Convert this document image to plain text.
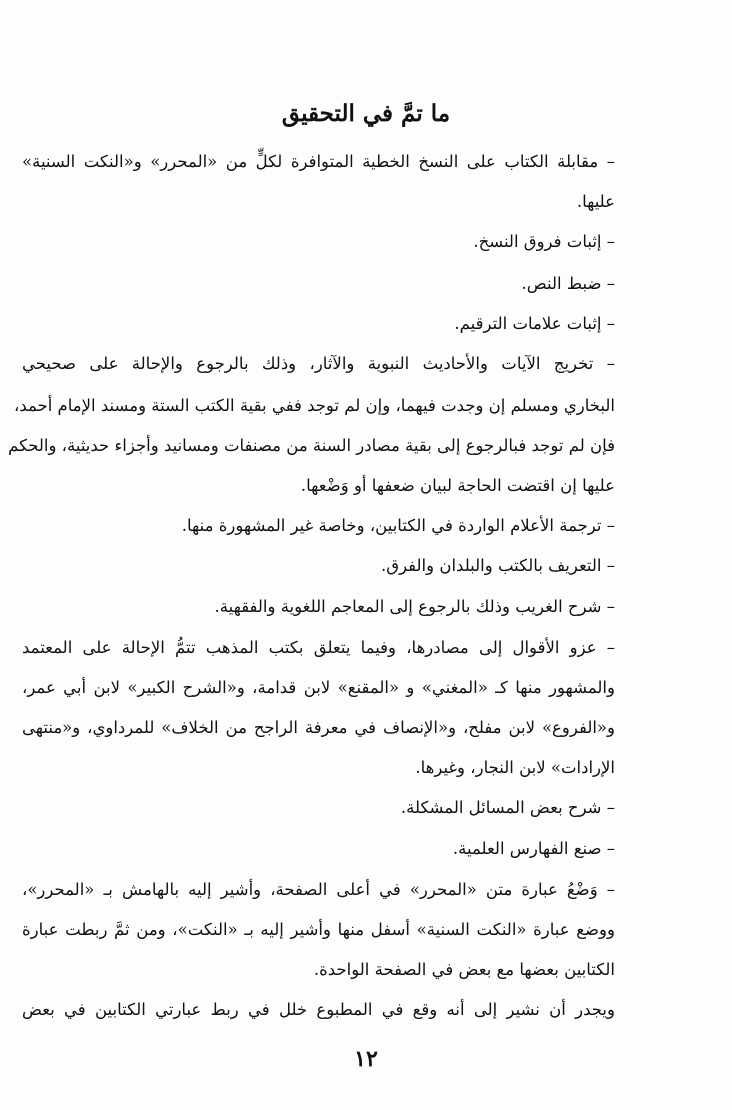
ما تمَّ في التحقيق
– مقابلة الكتاب على النسخ الخطية المتوافرة لكلٍّ من «المحرر» و«النكت السنية»
عليها.
– إثبات فروق النسخ.
– ضبط النص.
– إثبات علامات الترقيم.
– تخريج الآيات والأحاديث النبوية والآثار، وذلك بالرجوع والإحالة على صحيحي
البخاري ومسلم إن وجدت فيهما، وإن لم توجد ففي بقية الكتب الستة ومسند الإمام أحمد،
فإن لم توجد فبالرجوع إلى بقية مصادر السنة من مصنفات ومسانيد وأجزاء حديثية، والحكم
عليها إن اقتضت الحاجة لبيان ضعفها أو وَضْعها.
– ترجمة الأعلام الواردة في الكتابين، وخاصة غير المشهورة منها.
– التعريف بالكتب والبلدان والفرق.
– شرح الغريب وذلك بالرجوع إلى المعاجم اللغوية والفقهية.
– عزو الأقوال إلى مصادرها، وفيما يتعلق بكتب المذهب تتمُّ الإحالة على المعتمد
والمشهور منها كـ «المغني» و «المقنع» لابن قدامة، و«الشرح الكبير» لابن أبي عمر،
و«الفروع» لابن مفلح، و«الإنصاف في معرفة الراجح من الخلاف» للمرداوي، و«منتهى
الإرادات» لابن النجار، وغيرها.
– شرح بعض المسائل المشكلة.
– صنع الفهارس العلمية.
– وَضْعُ عبارة متن «المحرر» في أعلى الصفحة، وأشير إليه بالهامش بـ «المحرر»،
ووضع عبارة «النكت السنية» أسفل منها وأشير إليه بـ «النكت»، ومن ثمَّ ربطت عبارة
الكتابين بعضها مع بعض في الصفحة الواحدة.
ويجدر أن نشير إلى أنه وقع في المطبوع خلل في ربط عبارتي الكتابين في بعض
١٢
